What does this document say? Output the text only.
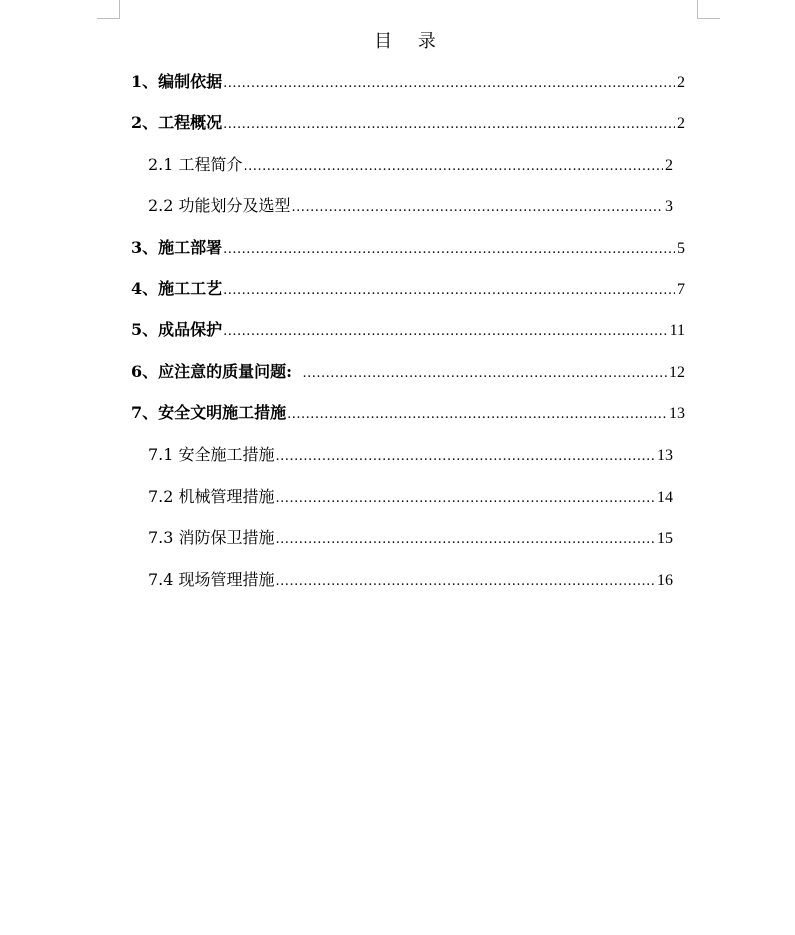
目 录
1、编制依据 .....	2
2、工程概况 .....	2
2.1 工程简介 .....	2
2.2 功能划分及选型 .....	3
3、施工部署 .....	5
4、施工工艺 .....	7
5、成品保护 .....	11
6、应注意的质量问题: .....	12
7、安全文明施工措施 .....	13
7.1 安全施工措施 .....	13
7.2 机械管理措施 .....	14
7.3 消防保卫措施 .....	15
7.4 现场管理措施 .....	16
